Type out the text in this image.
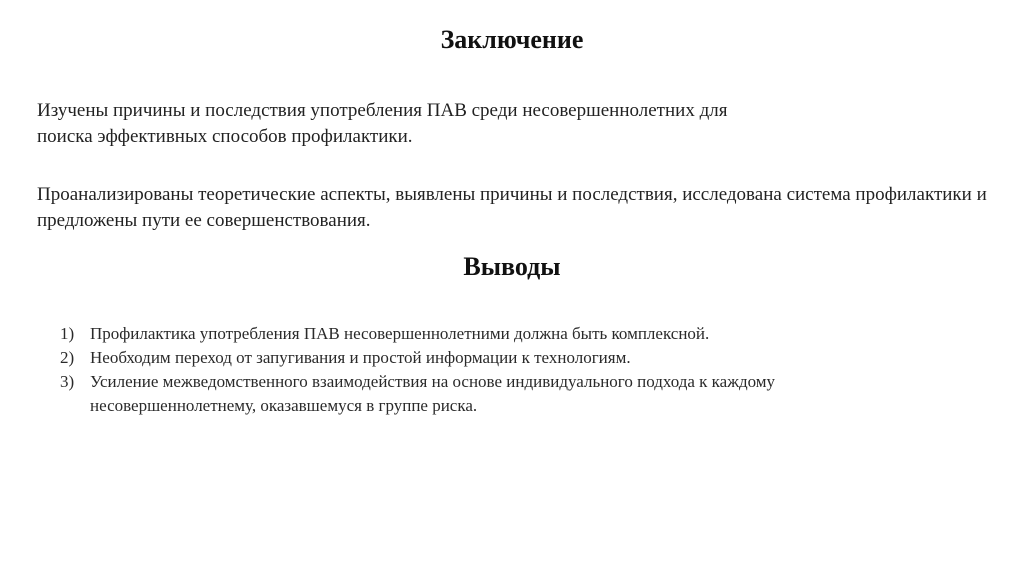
Заключение
Изучены причины и последствия употребления ПАВ среди несовершеннолетних для поиска эффективных способов профилактики.
Проанализированы теоретические аспекты, выявлены причины и последствия, исследована система профилактики и предложены пути ее совершенствования.
Выводы
1) Профилактика употребления ПАВ несовершеннолетними должна быть комплексной.
2) Необходим переход от запугивания и простой информации к технологиям.
3) Усиление межведомственного взаимодействия на основе индивидуального подхода к каждому несовершеннолетнему, оказавшемуся в группе риска.
